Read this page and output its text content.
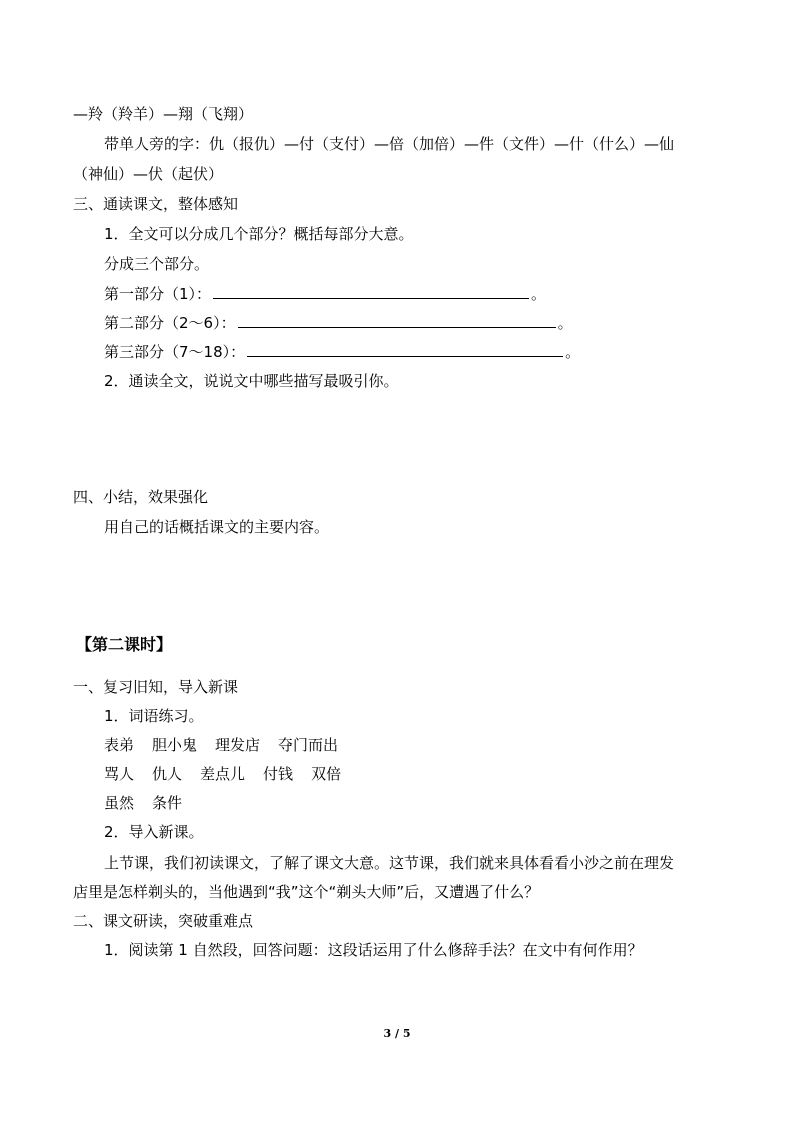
—羚（羚羊）—翔（飞翔）
带单人旁的字：仇（报仇）—付（支付）—倍（加倍）—件（文件）—什（什么）—仙
（神仙）—伏（起伏）
三、通读课文，整体感知
1．全文可以分成几个部分？概括每部分大意。
分成三个部分。
第一部分（1）：	。
第二部分（2～6）：	。
第三部分（7～18）：	。
2．通读全文，说说文中哪些描写最吸引你。
四、小结，效果强化
用自己的话概括课文的主要内容。
【第二课时】
一、复习旧知，导入新课
1．词语练习。
表弟 胆小鬼 理发店 夺门而出
骂人 仇人 差点儿 付钱 双倍
虽然 条件
2．导入新课。
上节课，我们初读课文，了解了课文大意。这节课，我们就来具体看看小沙之前在理发
店里是怎样剃头的，当他遇到“我”这个“剃头大师”后，又遭遇了什么？
二、课文研读，突破重难点
1．阅读第 1 自然段，回答问题：这段话运用了什么修辞手法？在文中有何作用？
3 / 5
